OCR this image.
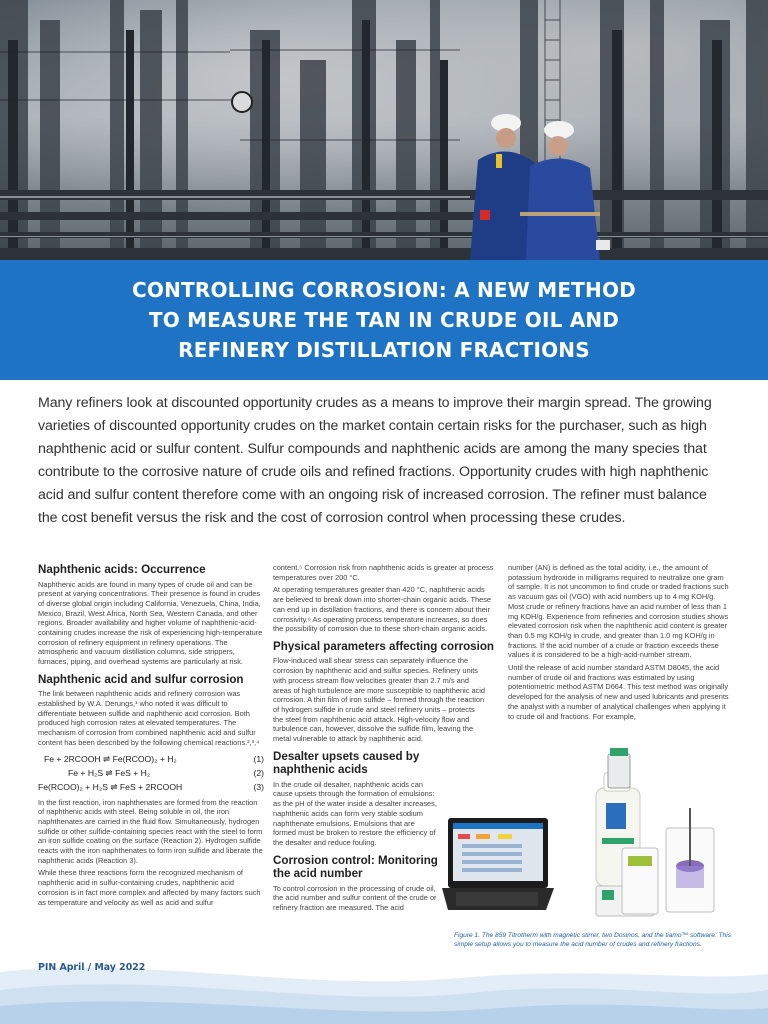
CONTROLLING CORROSION: A NEW METHOD
TO MEASURE THE TAN IN CRUDE OIL AND
REFINERY DISTILLATION FRACTIONS

Many refiners look at discounted opportunity crudes as a means to improve their margin spread. The growing varieties of discounted opportunity crudes on the market contain certain risks for the purchaser, such as high naphthenic acid or sulfur content. Sulfur compounds and naphthenic acids are among the many species that contribute to the corrosive nature of crude oils and refined fractions. Opportunity crudes with high naphthenic acid and sulfur content therefore come with an ongoing risk of increased corrosion. The refiner must balance the cost benefit versus the risk and the cost of corrosion control when processing these crudes.

Naphthenic acids: Occurrence

Naphthenic acids are found in many types of crude oil and can be present at varying concentrations. Their presence is found in crudes of diverse global origin including California, Venezuela, China, India, Mexico, Brazil, West Africa, North Sea, Western Canada, and other regions. Broader availability and higher volume of naphthenic-acid-containing crudes increase the risk of experiencing high-temperature corrosion of refinery equipment in refinery operations. The atmospheric and vacuum distillation columns, side strippers, furnaces, piping, and overhead systems are particularly at risk.

Naphthenic acid and sulfur corrosion

The link between naphthenic acids and refinery corrosion was established by W.A. Derungs,¹ who noted it was difficult to differentiate between sulfide and naphthenic acid corrosion. Both produced high corrosion rates at elevated temperatures. The mechanism of corrosion from combined naphthenic acid and sulfur content has been described by the following chemical reactions.²,³,⁴

Fe + 2RCOOH ⇌ Fe(RCOO)₂ + H₂	(1)
Fe + H₂S ⇌ FeS + H₂	(2)
Fe(RCOO)₂ + H₂S ⇌ FeS + 2RCOOH	(3)

In the first reaction, iron naphthenates are formed from the reaction of naphthenic acids with steel. Being soluble in oil, the iron naphthenates are carried in the fluid flow. Simultaneously, hydrogen sulfide or other sulfide-containing species react with the steel to form an iron sulfide coating on the surface (Reaction 2). Hydrogen sulfide reacts with the iron naphthenates to form iron sulfide and liberate the naphthenic acids (Reaction 3).

While these three reactions form the recognized mechanism of naphthenic acid in sulfur-containing crudes, naphthenic acid corrosion is in fact more complex and affected by many factors such as temperature and velocity as well as acid and sulfur

content.⁵ Corrosion risk from naphthenic acids is greater at process temperatures over 200 °C.

At operating temperatures greater than 420 °C, naphthenic acids are believed to break down into shorter-chain organic acids. These can end up in distillation fractions, and there is concern about their corrosivity.⁶ As operating process temperature increases, so does the possibility of corrosion due to these short-chain organic acids.

Physical parameters affecting corrosion

Flow-induced wall shear stress can separately influence the corrosion by naphthenic acid and sulfur species. Refinery units with process stream flow velocities greater than 2.7 m/s and areas of high turbulence are more susceptible to naphthenic acid corrosion. A thin film of iron sulfide – formed through the reaction of hydrogen sulfide in crude and steel refinery units – protects the steel from naphthenic acid attack. High-velocity flow and turbulence can, however, dissolve the sulfide film, leaving the metal vulnerable to attack by naphthenic acid.

Desalter upsets caused by naphthenic acids

In the crude oil desalter, naphthenic acids can cause upsets through the formation of emulsions: as the pH of the water inside a desalter increases, naphthenic acids can form very stable sodium naphthenate emulsions. Emulsions that are formed must be broken to restore the efficiency of the desalter and reduce fouling.

Corrosion control: Monitoring the acid number

To control corrosion in the processing of crude oil, the acid number and sulfur content of the crude or refinery fraction are measured. The acid

number (AN) is defined as the total acidity, i.e., the amount of potassium hydroxide in milligrams required to neutralize one gram of sample. It is not uncommon to find crude or traded fractions such as vacuum gas oil (VGO) with acid numbers up to 4 mg KOH/g. Most crude or refinery fractions have an acid number of less than 1 mg KOH/g. Experience from refineries and corrosion studies shows elevated corrosion risk when the naphthenic acid content is greater than 0.5 mg KOH/g in crude, and greater than 1.0 mg KOH/g in fractions. If the acid number of a crude or fraction exceeds these values it is considered to be a high-acid-number stream.

Until the release of acid number standard ASTM D8045, the acid number of crude oil and fractions was estimated by using potentiometric method ASTM D664. This test method was originally developed for the analysis of new and used lubricants and presents the analyst with a number of analytical challenges when applying it to crude oil and fractions. For example,

Figure 1. The 859 Titrotherm with magnetic stirrer, two Dosinos, and the tiamo™ software: This simple setup allows you to measure the acid number of crudes and refinery fractions.

PIN April / May 2022
